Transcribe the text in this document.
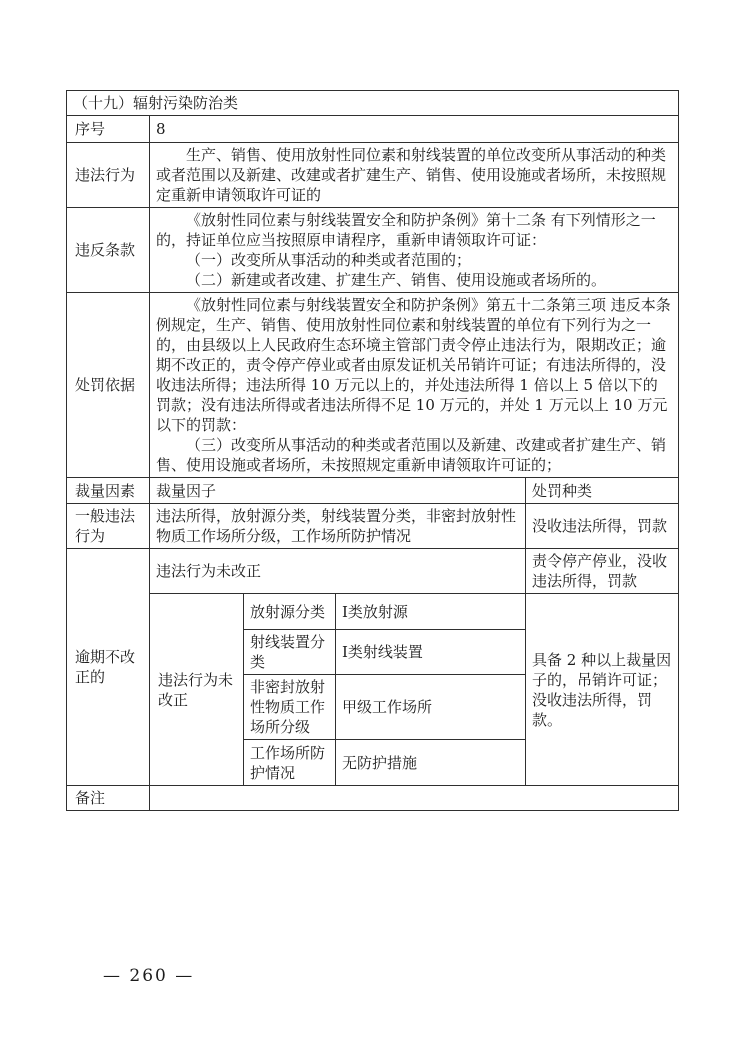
（十九）辐射污染防治类				
序号	8			
违法行为	生产、销售、使用放射性同位素和射线装置的单位改变所从事活动的种类或者范围以及新建、改建或者扩建生产、销售、使用设施或者场所，未按照规定重新申请领取许可证的			

违反条款	《放射性同位素与射线装置安全和防护条例》第十二条 有下列情形之一的，持证单位应当按照原申请程序，重新申请领取许可证：

（一）改变所从事活动的种类或者范围的；

（二）新建或者改建、扩建生产、销售、使用设施或者场所的。			

处罚依据	《放射性同位素与射线装置安全和防护条例》第五十二条第三项 违反本条例规定，生产、销售、使用放射性同位素和射线装置的单位有下列行为之一的，由县级以上人民政府生态环境主管部门责令停止违法行为，限期改正；逾期不改正的，责令停产停业或者由原发证机关吊销许可证；有违法所得的，没收违法所得；违法所得 10 万元以上的，并处违法所得 1 倍以上 5 倍以下的罚款；没有违法所得或者违法所得不足 10 万元的，并处 1 万元以上 10 万元以下的罚款：

（三）改变所从事活动的种类或者范围以及新建、改建或者扩建生产、销售、使用设施或者场所，未按照规定重新申请领取许可证的；			

裁量因素	裁量因子			处罚种类
一般违法行为	违法所得，放射源分类，射线装置分类，非密封放射性物质工作场所分级，工作场所防护情况			没收违法所得，罚款
逾期不改正的	违法行为未改正			责令停产停业，没收违法所得，罚款
	违法行为未改正	放射源分类	I类放射源	具备 2 种以上裁量因子的，吊销许可证；没收违法所得，罚款。
		射线装置分类	I类射线装置	
		非密封放射性物质工作场所分级	甲级工作场所	
		工作场所防护情况	无防护措施	
备注				
— 260 —
